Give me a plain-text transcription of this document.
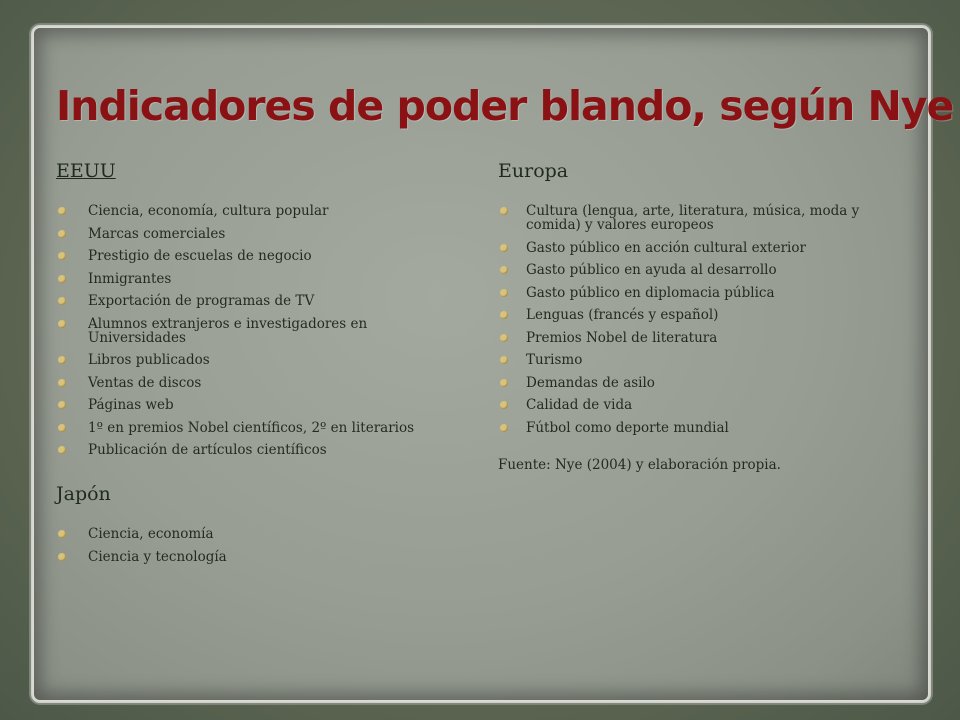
Indicadores de poder blando, según Nye
EEUU
Ciencia, economía, cultura popular
Marcas comerciales
Prestigio de escuelas de negocio
Inmigrantes
Exportación de programas de TV
Alumnos extranjeros e investigadores en Universidades
Libros publicados
Ventas de discos
Páginas web
1º en premios Nobel científicos, 2º en literarios
Publicación de artículos científicos
Japón
Ciencia, economía
Ciencia y tecnología
Europa
Cultura (lengua, arte, literatura, música, moda y comida) y valores europeos
Gasto público en acción cultural exterior
Gasto público en ayuda al desarrollo
Gasto público en diplomacia pública
Lenguas (francés y español)
Premios Nobel de literatura
Turismo
Demandas de asilo
Calidad de vida
Fútbol como deporte mundial
Fuente: Nye (2004) y elaboración propia.
